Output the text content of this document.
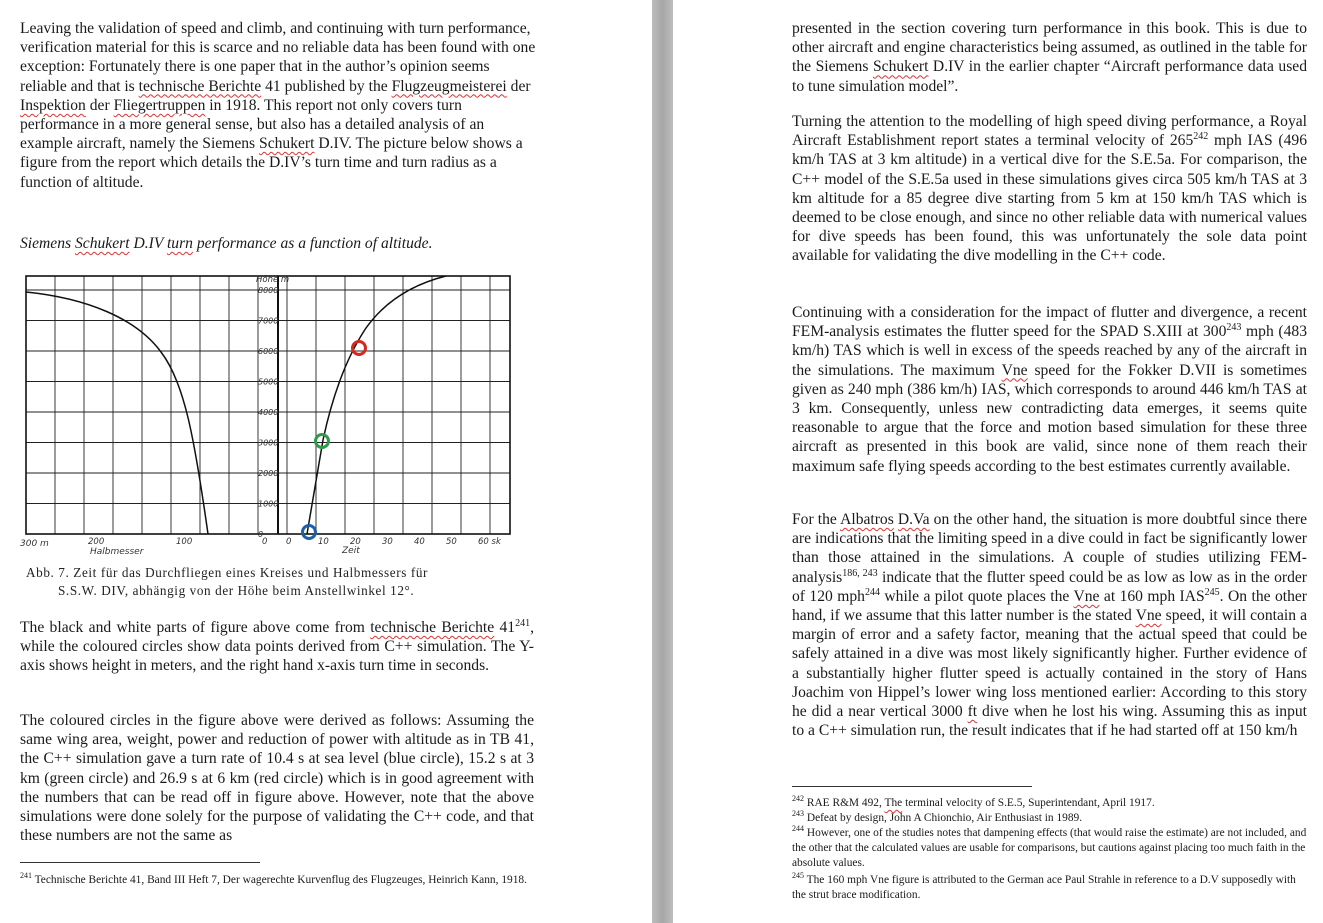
Leaving the validation of speed and climb, and continuing with turn performance, verification material for this is scarce and no reliable data has been found with one exception: Fortunately there is one paper that in the author’s opinion seems reliable and that is technische Berichte 41 published by the Flugzeugmeisterei der Inspektion der Fliegertruppen in 1918. This report not only covers turn performance in a more general sense, but also has a detailed analysis of an example aircraft, namely the Siemens Schukert D.IV. The picture below shows a figure from the report which details the D.IV’s turn time and turn radius as a function of altitude.

Siemens Schukert D.IV turn performance as a function of altitude.

8000
7000
6000
5000
4000
3000
2000
1000
0
Höhe m
300 m	200	100	0
Halbmesser
0	10 20 30 40 50 60 sk
Zeit

Abb. 7. Zeit für das Durchfliegen eines Kreises und Halbmessers für

S.S.W. DIV, abhängig von der Höhe beim Anstellwinkel 12°.

The black and white parts of figure above come from technische Berichte $41^{241}$, while the coloured circles show data points derived from C++ simulation. The Y-axis shows height in meters, and the right hand x-axis turn time in seconds.

The coloured circles in the figure above were derived as follows: Assuming the same wing area, weight, power and reduction of power with altitude as in TB 41, the C++ simulation gave a turn rate of 10.4 s at sea level (blue circle), 15.2 s at 3 km (green circle) and 26.9 s at 6 km (red circle) which is in good agreement with the numbers that can be read off in figure above. However, note that the above simulations were done solely for the purpose of validating the C++ code, and that these numbers are not the same as

$^{241}$ Technische Berichte 41, Band III Heft 7, Der wagerechte Kurvenflug des Flugzeuges, Heinrich Kann, 1918.

presented in the section covering turn performance in this book. This is due to other aircraft and engine characteristics being assumed, as outlined in the table for the Siemens Schukert D.IV in the earlier chapter “Aircraft performance data used to tune simulation model”.

Turning the attention to the modelling of high speed diving performance, a Royal Aircraft Establishment report states a terminal velocity of $265^{242}$ mph IAS (496 km/h TAS at 3 km altitude) in a vertical dive for the S.E.5a. For comparison, the C++ model of the S.E.5a used in these simulations gives circa 505 km/h TAS at 3 km altitude for a 85 degree dive starting from 5 km at 150 km/h TAS which is deemed to be close enough, and since no other reliable data with numerical values for dive speeds has been found, this was unfortunately the sole data point available for validating the dive modelling in the C++ code.

Continuing with a consideration for the impact of flutter and divergence, a recent FEM-analysis estimates the flutter speed for the SPAD S.XIII at $300^{243}$ mph (483 km/h) TAS which is well in excess of the speeds reached by any of the aircraft in the simulations. The maximum Vne speed for the Fokker D.VII is sometimes given as 240 mph (386 km/h) IAS, which corresponds to around 446 km/h TAS at 3 km. Consequently, unless new contradicting data emerges, it seems quite reasonable to argue that the force and motion based simulation for these three aircraft as presented in this book are valid, since none of them reach their maximum safe flying speeds according to the best estimates currently available.

For the Albatros D.Va on the other hand, the situation is more doubtful since there are indications that the limiting speed in a dive could in fact be significantly lower than those attained in the simulations. A couple of studies utilizing FEM-analysis$^{186, 243}$ indicate that the flutter speed could be as low as low as in the order of 120 mph$^{244}$ while a pilot quote places the Vne at 160 mph IAS$^{245}$. On the other hand, if we assume that this latter number is the stated Vne speed, it will contain a margin of error and a safety factor, meaning that the actual speed that could be safely attained in a dive was most likely significantly higher. Further evidence of a substantially higher flutter speed is actually contained in the story of Hans Joachim von Hippel’s lower wing loss mentioned earlier: According to this story he did a near vertical 3000 ft dive when he lost his wing. Assuming this as input to a C++ simulation run, the result indicates that if he had started off at 150 km/h

$^{242}$ RAE R&M 492, The terminal velocity of S.E.5, Superintendant, April 1917.

$^{243}$ Defeat by design, John A Chionchio, Air Enthusiast in 1989.

$^{244}$ However, one of the studies notes that dampening effects (that would raise the estimate) are not included, and the other that the calculated values are usable for comparisons, but cautions against placing too much faith in the absolute values.

$^{245}$ The 160 mph Vne figure is attributed to the German ace Paul Strahle in reference to a D.V supposedly with the strut brace modification.
